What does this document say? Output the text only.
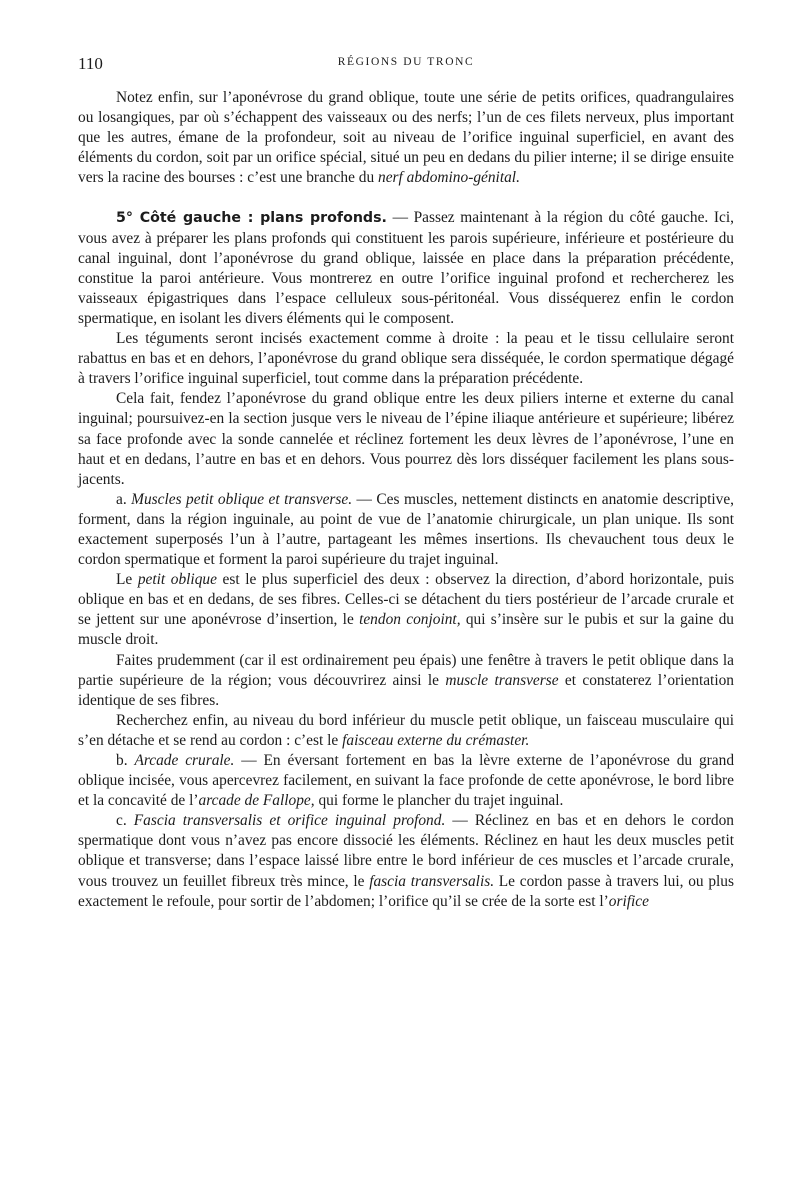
110	RÉGIONS DU TRONC

Notez enfin, sur l’aponévrose du grand oblique, toute une série de petits orifices, quadrangulaires ou losangiques, par où s’échappent des vaisseaux ou des nerfs; l’un de ces filets nerveux, plus important que les autres, émane de la profondeur, soit au niveau de l’orifice inguinal superficiel, en avant des éléments du cordon, soit par un orifice spécial, situé un peu en dedans du pilier interne; il se dirige ensuite vers la racine des bourses : c’est une branche du nerf abdomino-génital.

5° Côté gauche : plans profonds. — Passez maintenant à la région du côté gauche. Ici, vous avez à préparer les plans profonds qui constituent les parois supérieure, inférieure et postérieure du canal inguinal, dont l’aponévrose du grand oblique, laissée en place dans la préparation précédente, constitue la paroi antérieure. Vous montrerez en outre l’orifice inguinal profond et rechercherez les vaisseaux épigastriques dans l’espace celluleux sous-péritonéal. Vous disséquerez enfin le cordon spermatique, en isolant les divers éléments qui le composent.

Les téguments seront incisés exactement comme à droite : la peau et le tissu cellulaire seront rabattus en bas et en dehors, l’aponévrose du grand oblique sera disséquée, le cordon spermatique dégagé à travers l’orifice inguinal superficiel, tout comme dans la préparation précédente.

Cela fait, fendez l’aponévrose du grand oblique entre les deux piliers interne et externe du canal inguinal; poursuivez-en la section jusque vers le niveau de l’épine iliaque antérieure et supérieure; libérez sa face profonde avec la sonde cannelée et réclinez fortement les deux lèvres de l’aponévrose, l’une en haut et en dedans, l’autre en bas et en dehors. Vous pourrez dès lors disséquer facilement les plans sous-jacents.

a. Muscles petit oblique et transverse. — Ces muscles, nettement distincts en anatomie descriptive, forment, dans la région inguinale, au point de vue de l’anatomie chirurgicale, un plan unique. Ils sont exactement superposés l’un à l’autre, partageant les mêmes insertions. Ils chevauchent tous deux le cordon spermatique et forment la paroi supérieure du trajet inguinal.

Le petit oblique est le plus superficiel des deux : observez la direction, d’abord horizontale, puis oblique en bas et en dedans, de ses fibres. Celles-ci se détachent du tiers postérieur de l’arcade crurale et se jettent sur une aponévrose d’insertion, le tendon conjoint, qui s’insère sur le pubis et sur la gaine du muscle droit.

Faites prudemment (car il est ordinairement peu épais) une fenêtre à travers le petit oblique dans la partie supérieure de la région; vous découvrirez ainsi le muscle transverse et constaterez l’orientation identique de ses fibres.

Recherchez enfin, au niveau du bord inférieur du muscle petit oblique, un faisceau musculaire qui s’en détache et se rend au cordon : c’est le faisceau externe du crémaster.

b. Arcade crurale. — En éversant fortement en bas la lèvre externe de l’aponévrose du grand oblique incisée, vous apercevrez facilement, en suivant la face profonde de cette aponévrose, le bord libre et la concavité de l’arcade de Fallope, qui forme le plancher du trajet inguinal.

c. Fascia transversalis et orifice inguinal profond. — Réclinez en bas et en dehors le cordon spermatique dont vous n’avez pas encore dissocié les éléments. Réclinez en haut les deux muscles petit oblique et transverse; dans l’espace laissé libre entre le bord inférieur de ces muscles et l’arcade crurale, vous trouvez un feuillet fibreux très mince, le fascia transversalis. Le cordon passe à travers lui, ou plus exactement le refoule, pour sortir de l’abdomen; l’orifice qu’il se crée de la sorte est l’orifice
